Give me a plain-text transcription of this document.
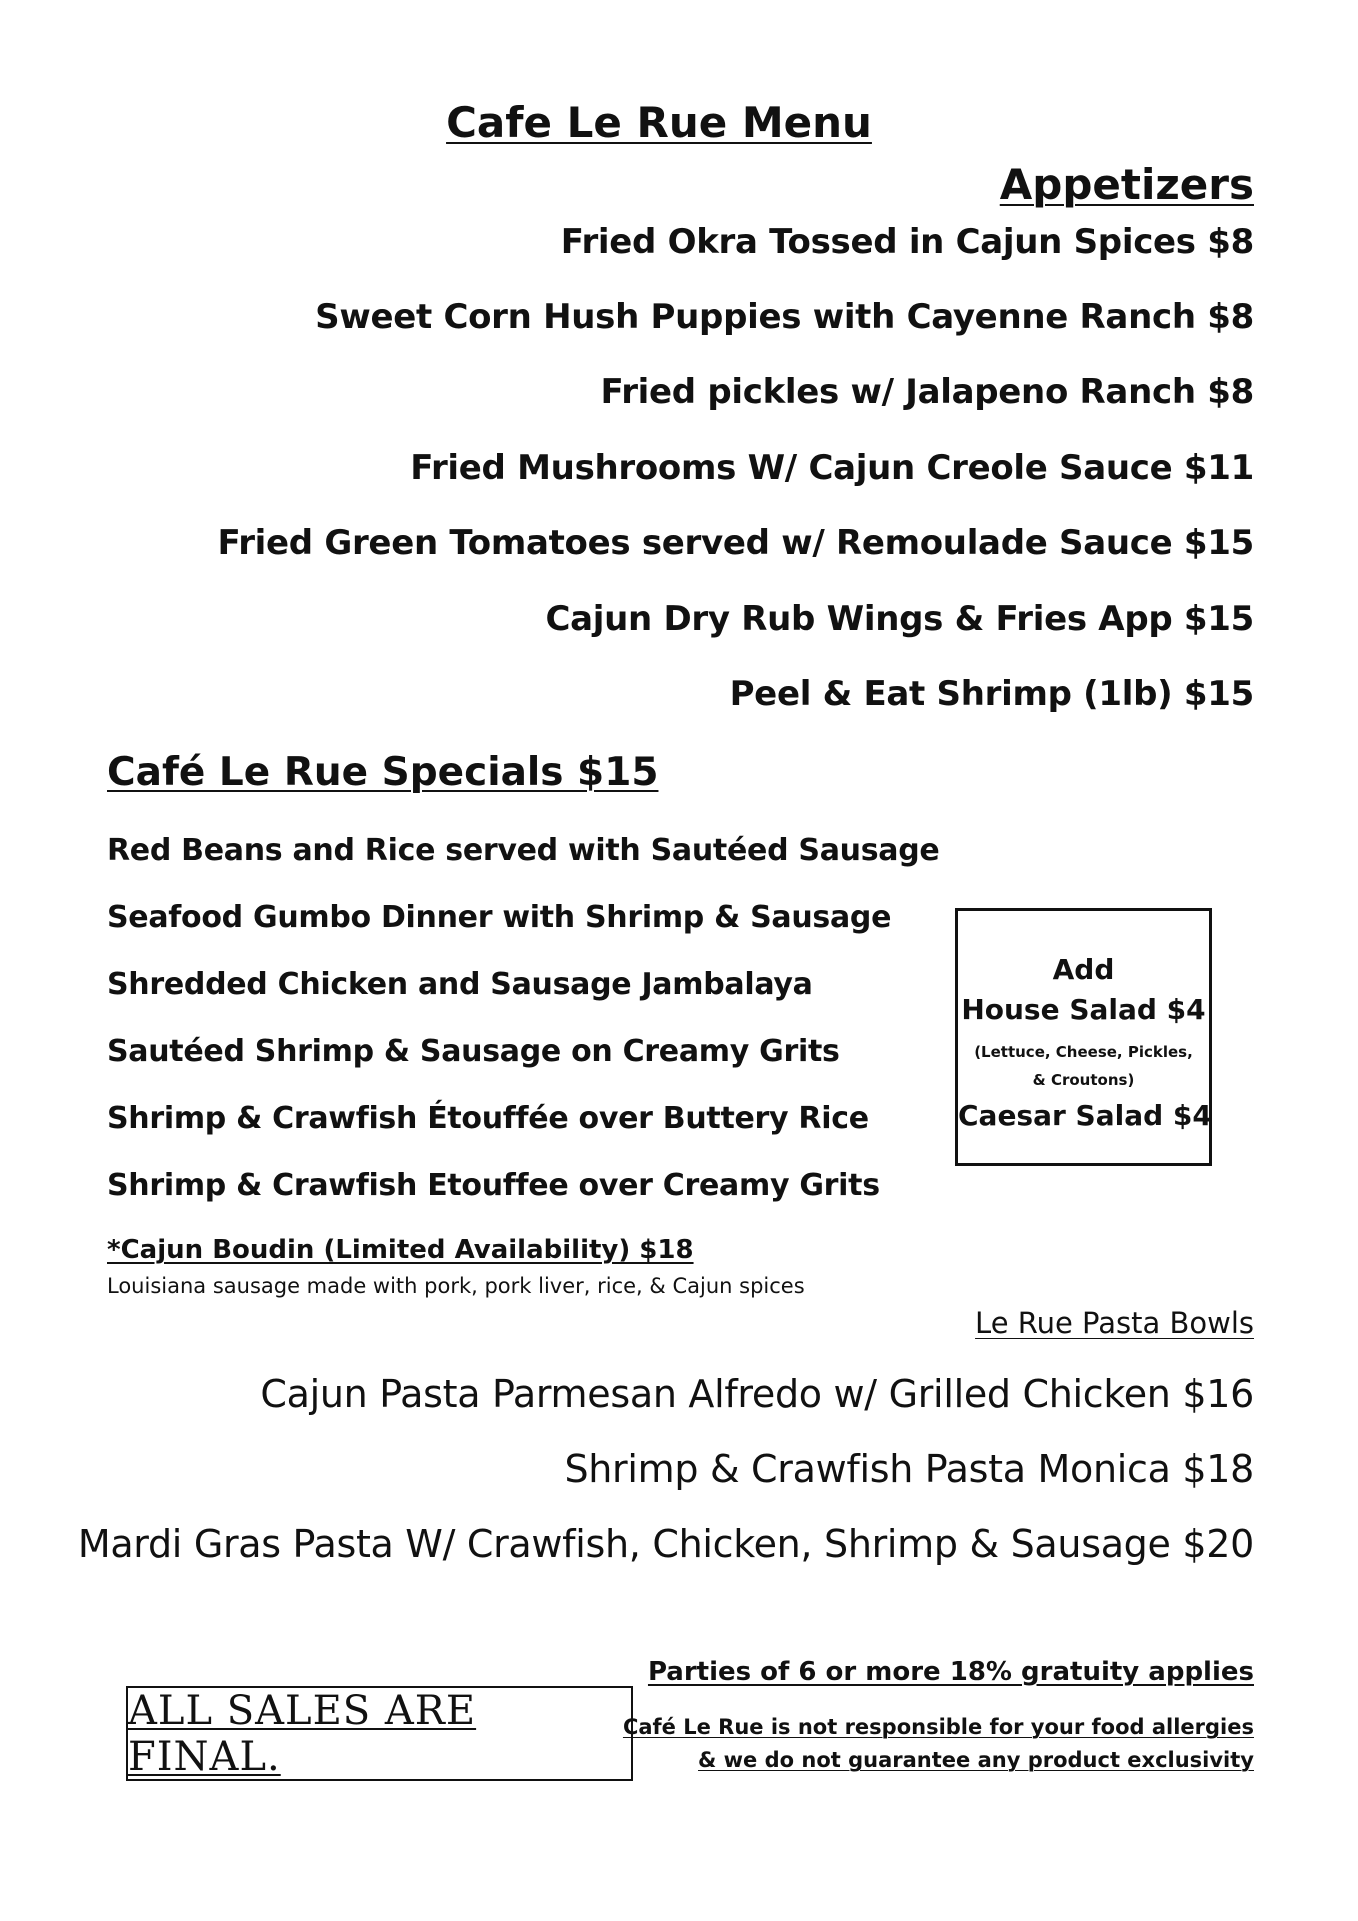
Cafe Le Rue Menu
Appetizers
Fried Okra Tossed in Cajun Spices $8
Sweet Corn Hush Puppies with Cayenne Ranch $8
Fried pickles w/ Jalapeno Ranch $8
Fried Mushrooms W/ Cajun Creole Sauce $11
Fried Green Tomatoes served w/ Remoulade Sauce $15
Cajun Dry Rub Wings & Fries App $15
Peel & Eat Shrimp (1lb) $15
Café Le Rue Specials $15
Red Beans and Rice served with Sautéed Sausage
Seafood Gumbo Dinner with Shrimp & Sausage
Shredded Chicken and Sausage Jambalaya
Sautéed Shrimp & Sausage on Creamy Grits
Shrimp & Crawfish Étouffée over Buttery Rice
Shrimp & Crawfish Etouffee over Creamy Grits
*Cajun Boudin (Limited Availability) $18
Louisiana sausage made with pork, pork liver, rice, & Cajun spices
Add
House Salad $4
(Lettuce, Cheese, Pickles, & Croutons)
Caesar Salad $4
Le Rue Pasta Bowls
Cajun Pasta Parmesan Alfredo w/ Grilled Chicken $16
Shrimp & Crawfish Pasta Monica $18
Mardi Gras Pasta W/ Crawfish, Chicken, Shrimp & Sausage $20
Parties of 6 or more 18% gratuity applies
Café Le Rue is not responsible for your food allergies
& we do not guarantee any product exclusivity
ALL SALES ARE FINAL.
